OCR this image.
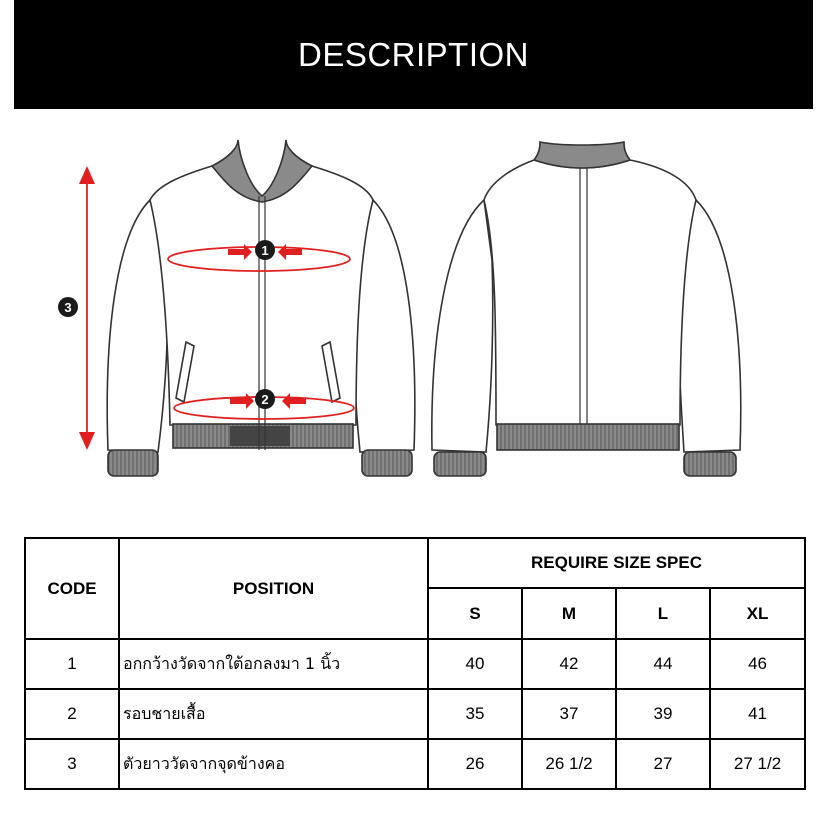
DESCRIPTION
1
2
3
CODE	POSITION	REQUIRE SIZE SPEC			
		S	M	L	XL
1	อกกว้างวัดจากใต้อกลงมา 1 นิ้ว	40	42	44	46
2	รอบชายเสื้อ	35	37	39	41
3	ตัวยาววัดจากจุดข้างคอ	26	26 1/2	27	27 1/2
